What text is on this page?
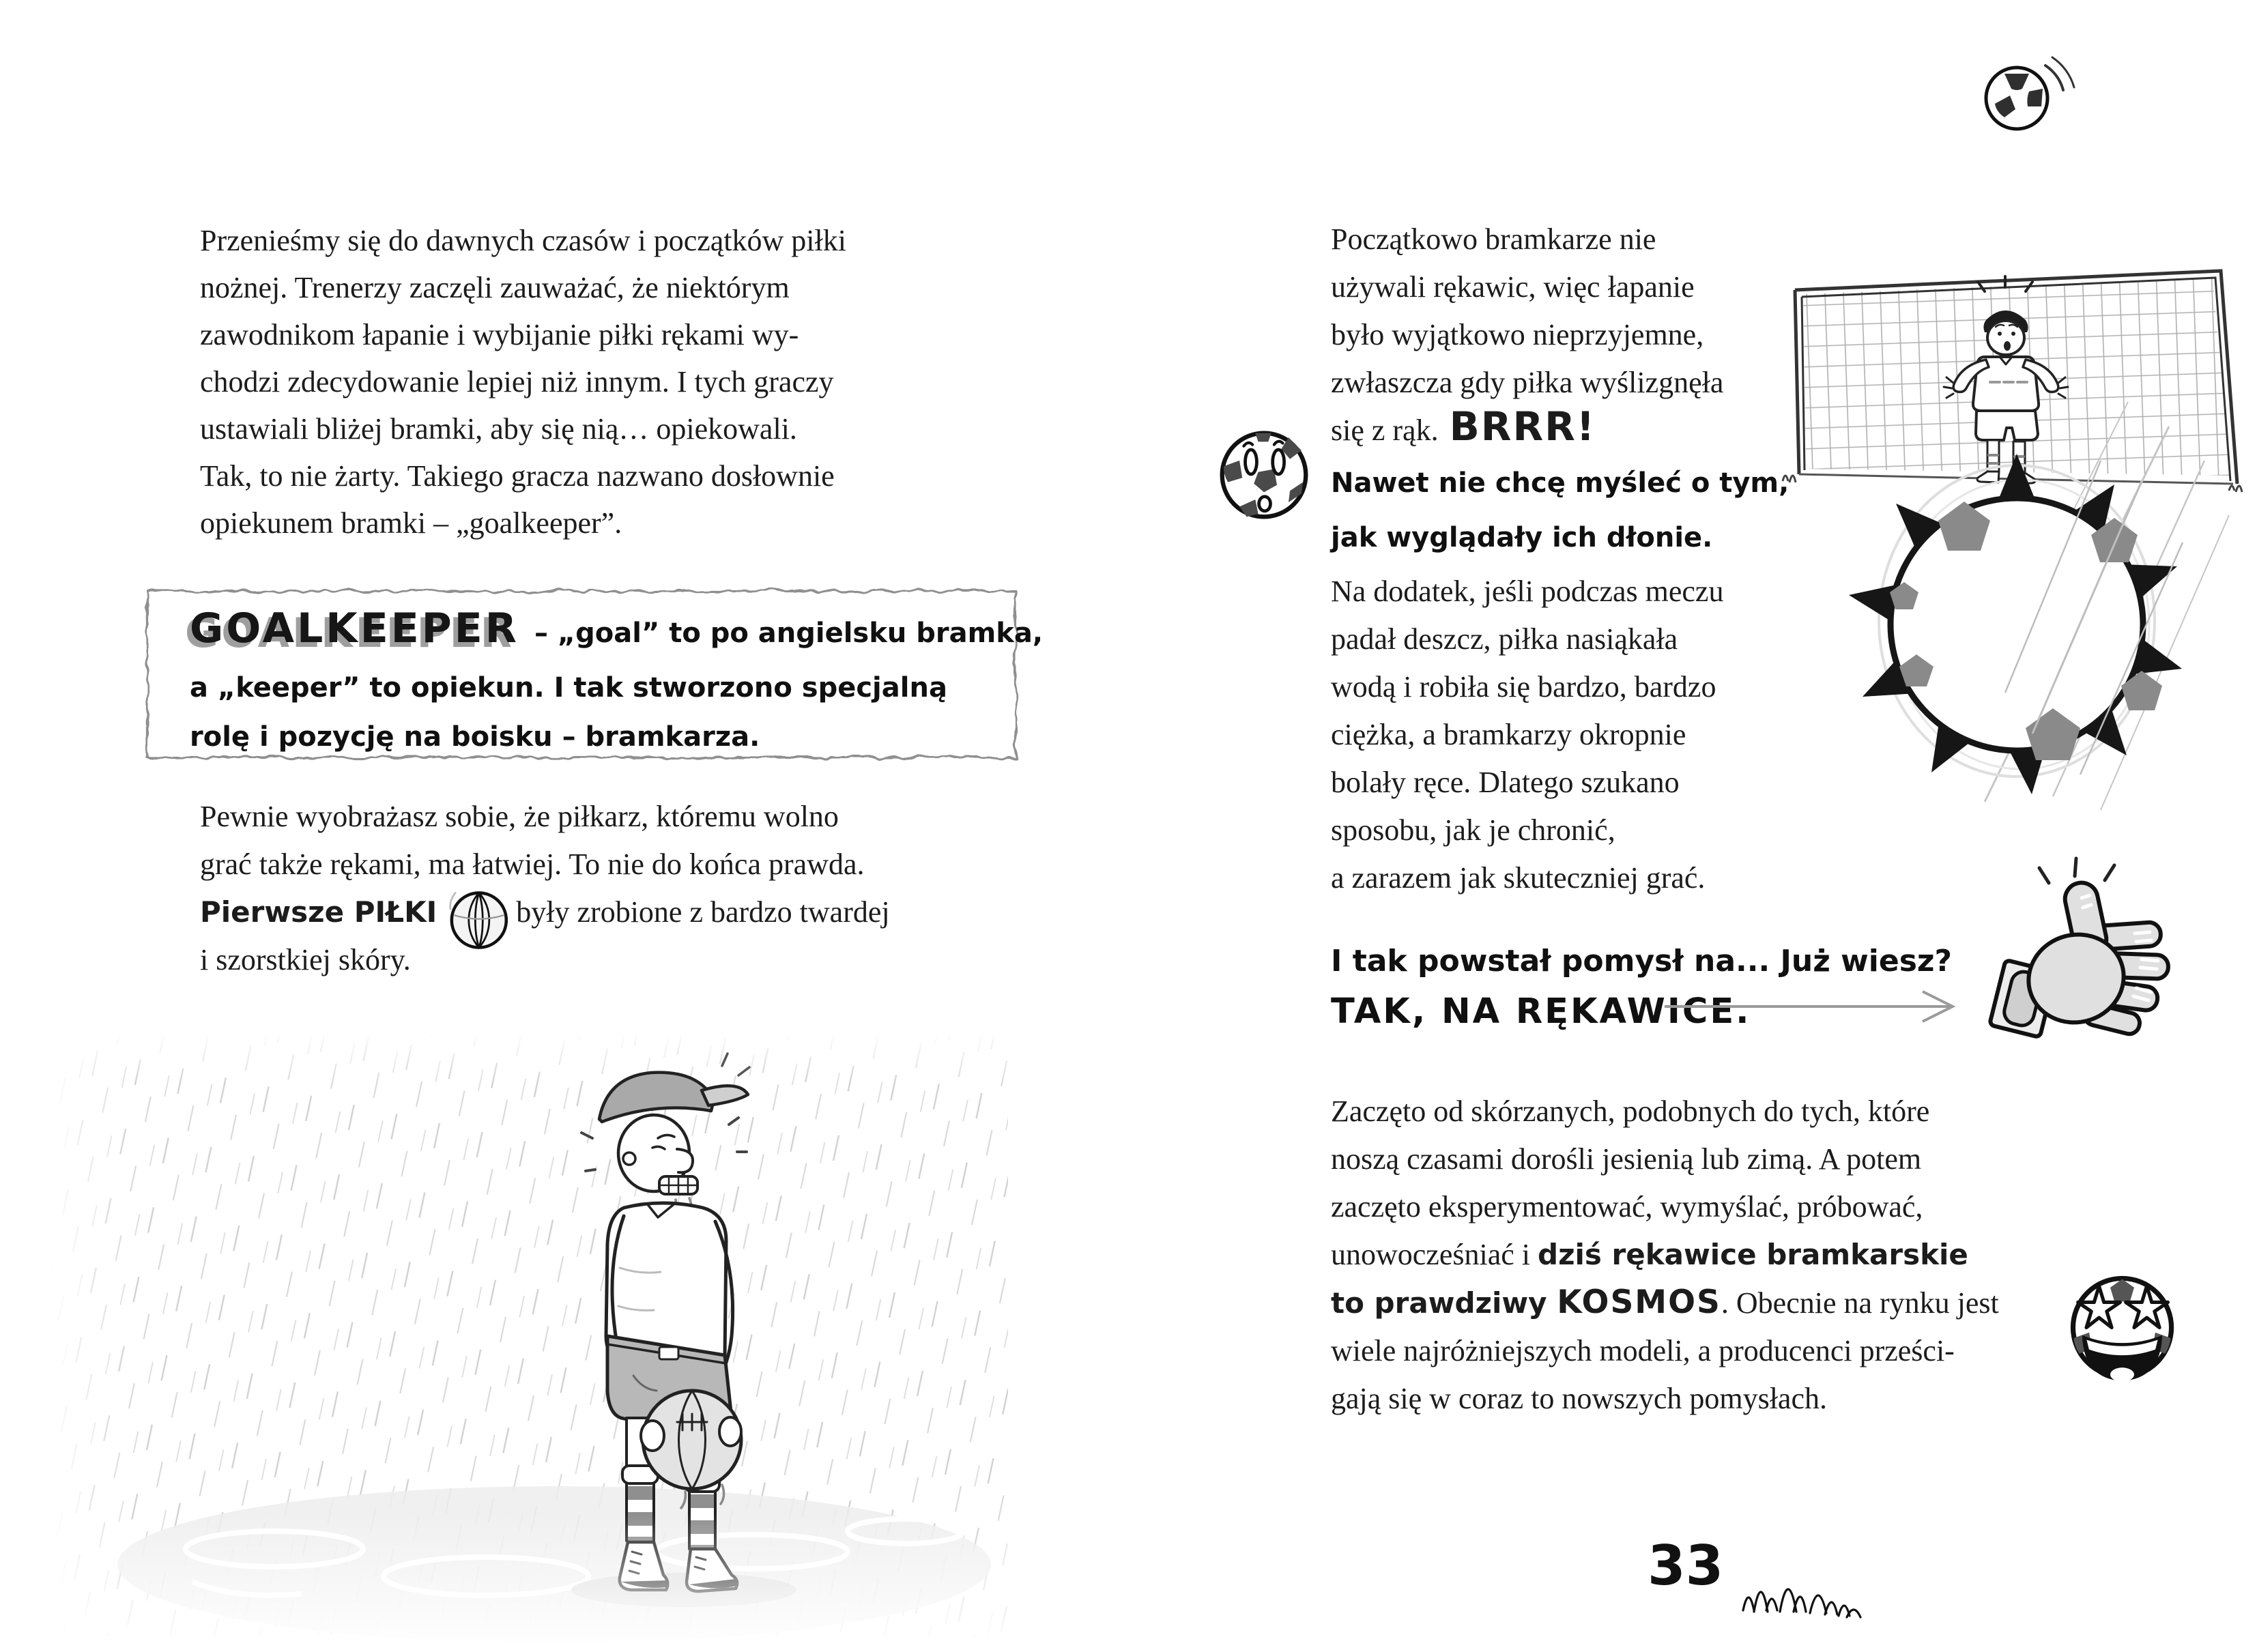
Przenieśmy się do dawnych czasów i początków piłki
nożnej. Trenerzy zaczęli zauważać, że niektórym
zawodnikom łapanie i wybijanie piłki rękami wy-
chodzi zdecydowanie lepiej niż innym. I tych graczy
ustawiali bliżej bramki, aby się nią… opiekowali.
Tak, to nie żarty. Takiego gracza nazwano dosłownie
opiekunem bramki – „goalkeeper”.
GOALKEEPER – „goal” to po angielsku bramka,
a „keeper” to opiekun. I tak stworzono specjalną
rolę i pozycję na boisku – bramkarza.
Pewnie wyobrażasz sobie, że piłkarz, któremu wolno
grać także rękami, ma łatwiej. To nie do końca prawda.
Pierwsze PIŁKI	były zrobione z bardzo twardej
i szorstkiej skóry.
Początkowo bramkarze nie
używali rękawic, więc łapanie
było wyjątkowo nieprzyjemne,
zwłaszcza gdy piłka wyślizgnęła
się z rąk. BRRR!
Nawet nie chcę myśleć o tym,
jak wyglądały ich dłonie.
Na dodatek, jeśli podczas meczu
padał deszcz, piłka nasiąkała
wodą i robiła się bardzo, bardzo
ciężka, a bramkarzy okropnie
bolały ręce. Dlatego szukano
sposobu, jak je chronić,
a zarazem jak skuteczniej grać.
I tak powstał pomysł na... Już wiesz?
TAK, NA RĘKAWICE.
Zaczęto od skórzanych, podobnych do tych, które
noszą czasami dorośli jesienią lub zimą. A potem
zaczęto eksperymentować, wymyślać, próbować,
unowocześniać i dziś rękawice bramkarskie
to prawdziwy KOSMOS. Obecnie na rynku jest
wiele najróżniejszych modeli, a producenci prześci-
gają się w coraz to nowszych pomysłach.
33
